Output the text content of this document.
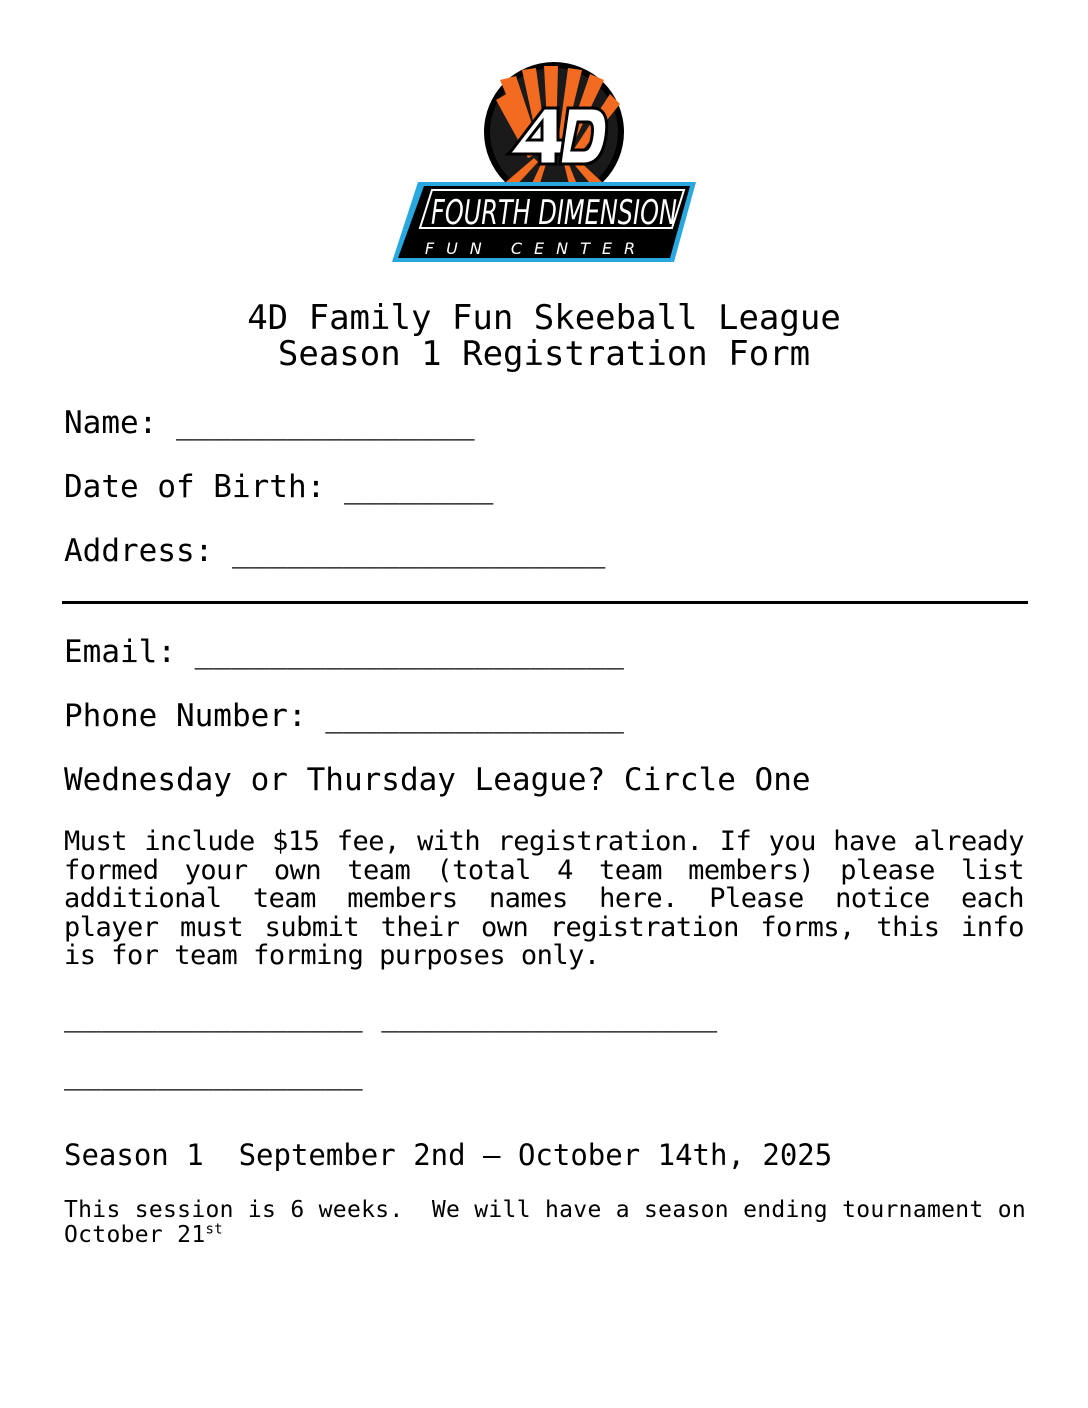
FOURTH DIMENSION
FUN CENTER
4D Family Fun Skeeball League
Season 1 Registration Form
Name: ________________
Date of Birth: ________
Address: ____________________
Email: _______________________
Phone Number: ________________
Wednesday or Thursday League? Circle One
Must include $15 fee, with registration. If you have already formed your own team (total 4 team members) please list additional team members names here. Please notice each player must submit their own registration forms, this info is for team forming purposes only.
________________ __________________
________________
Season 1  September 2nd – October 14th, 2025
This session is 6 weeks.  We will have a season ending tournament on October 21st
